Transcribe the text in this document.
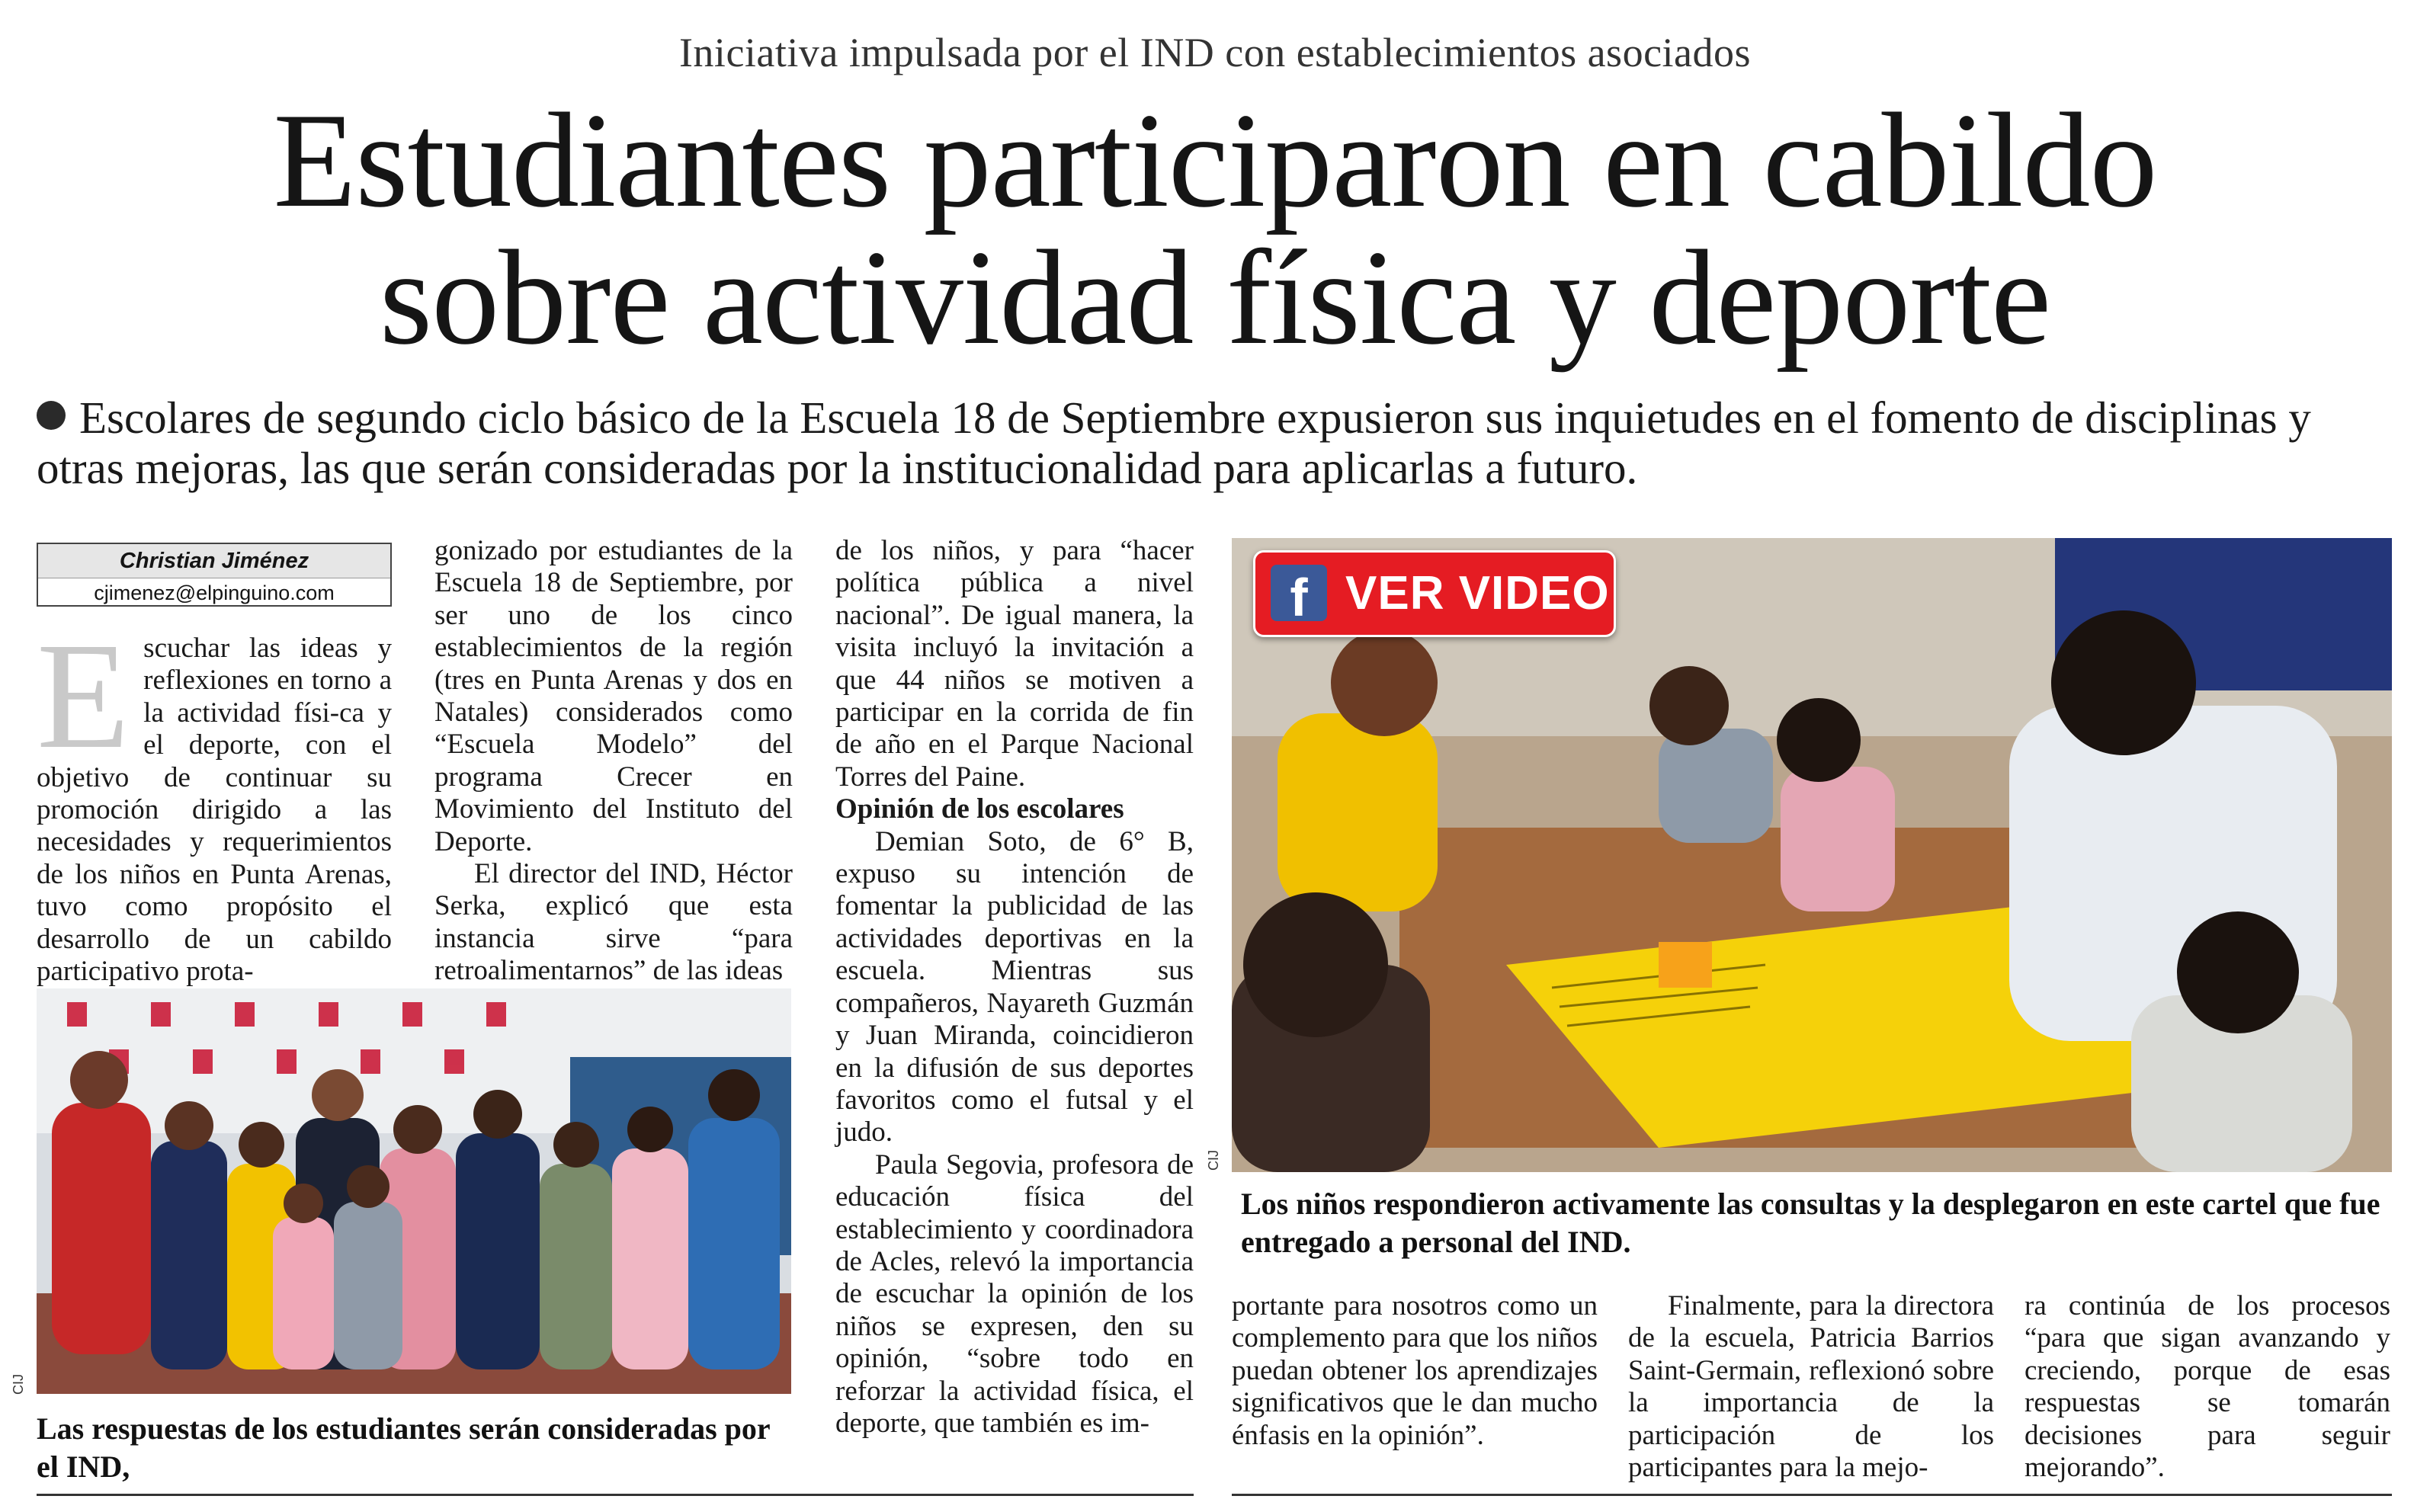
Iniciativa impulsada por el IND con establecimientos asociados
Estudiantes participaron en cabildo
sobre actividad física y deporte
Escolares de segundo ciclo básico de la Escuela 18 de Septiembre expusieron sus inquietudes en el fomento de disciplinas y otras mejoras, las que serán consideradas por la institucionalidad para aplicarlas a futuro.
Christian Jiménez
cjimenez@elpinguino.com
E scuchar las ideas y reflexiones en torno a la actividad físi-ca y el deporte, con el objetivo de continuar su promoción dirigido a las necesidades y requerimientos de los niños en Punta Arenas, tuvo como propósito el desarrollo de un cabildo participativo prota-

gonizado por estudiantes de la Escuela 18 de Septiembre, por ser uno de los cinco establecimientos de la región (tres en Punta Arenas y dos en Natales) considerados como “Escuela Modelo” del programa Crecer en Movimiento del Instituto del Deporte.

El director del IND, Héctor Serka, explicó que esta instancia sirve “para retroalimentarnos” de las ideas

de los niños, y para “hacer política pública a nivel nacional”. De igual manera, la visita incluyó la invitación a que 44 niños se motiven a participar en la corrida de fin de año en el Parque Nacional Torres del Paine.

Opinión de los escolares

Demian Soto, de 6° B, expuso su intención de fomentar la publicidad de las actividades deportivas en la escuela. Mientras sus compañeros, Nayareth Guzmán y Juan Miranda, coincidieron en la difusión de sus deportes favoritos como el futsal y el judo.

Paula Segovia, profesora de educación física del establecimiento y coordinadora de Acles, relevó la importancia de escuchar la opinión de los niños se expresen, den su opinión, “sobre todo en reforzar la actividad física, el deporte, que también es im-

CIJ
Las respuestas de los estudiantes serán consideradas por el IND,
f VER VIDEO
CIJ
Los niños respondieron activamente las consultas y la desplegaron en este cartel que fue entregado a personal del IND.

portante para nosotros como un complemento para que los niños puedan obtener los aprendizajes significativos que le dan mucho énfasis en la opinión”.

Finalmente, para la directora de la escuela, Patricia Barrios Saint-Germain, reflexionó sobre la importancia de la participación de los participantes para la mejo-

ra continúa de los procesos “para que sigan avanzando y creciendo, porque de esas respuestas se tomarán decisiones para seguir mejorando”.
